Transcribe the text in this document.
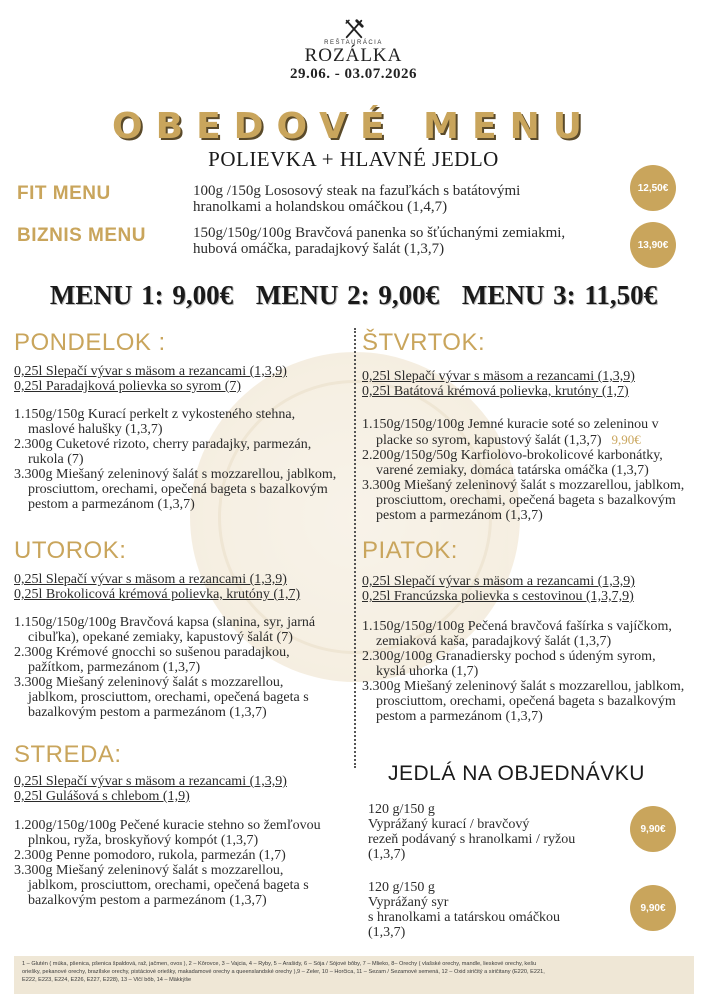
REŠTAURÁCIA
ROZÁLKA
29.06. - 03.07.2026
OBEDOVÉ MENU
POLIEVKA + HLAVNÉ JEDLO
FIT MENU	100g /150g Lososový steak na fazuľkách s batátovými
hranolkami a holandskou omáčkou (1,4,7)
12,50€
BIZNIS MENU	150g/150g/100g Bravčová panenka so šťúchanými zemiakmi,
hubová omáčka, paradajkový šalát (1,3,7)	13,90€
MENU 1: 9,00€ MENU 2: 9,00€ MENU 3: 11,50€
PONDELOK :
0,25l Slepačí vývar s mäsom a rezancami (1,3,9)
0,25l Paradajková polievka so syrom (7)
1.150g/150g Kurací perkelt z vykosteného stehna,
maslové halušky (1,3,7)
2.300g Cuketové rizoto, cherry paradajky, parmezán,
rukola (7)
3.300g Miešaný zeleninový šalát s mozzarellou, jablkom,
prosciuttom, orechami, opečená bageta s bazalkovým
pestom a parmezánom (1,3,7)
UTOROK:
0,25l Slepačí vývar s mäsom a rezancami (1,3,9)
0,25l Brokolicová krémová polievka, krutóny (1,7)
1.150g/150g/100g Bravčová kapsa (slanina, syr, jarná
cibuľka), opekané zemiaky, kapustový šalát (7)
2.300g Krémové gnocchi so sušenou paradajkou,
pažítkom, parmezánom (1,3,7)
3.300g Miešaný zeleninový šalát s mozzarellou,
jablkom, prosciuttom, orechami, opečená bageta s
bazalkovým pestom a parmezánom (1,3,7)
STREDA:
0,25l Slepačí vývar s mäsom a rezancami (1,3,9)
0,25l Gulášová s chlebom (1,9)
1.200g/150g/100g Pečené kuracie stehno so žemľovou
plnkou, ryža, broskyňový kompót (1,3,7)
2.300g Penne pomodoro, rukola, parmezán (1,7)
3.300g Miešaný zeleninový šalát s mozzarellou,
jablkom, prosciuttom, orechami, opečená bageta s
bazalkovým pestom a parmezánom (1,3,7)
ŠTVRTOK:
0,25l Slepačí vývar s mäsom a rezancami (1,3,9)
0,25l Batátová krémová polievka, krutóny (1,7)
1.150g/150g/100g Jemné kuracie soté so zeleninou v
placke so syrom, kapustový šalát (1,3,7) 9,90€
2.200g/150g/50g Karfiolovo-brokolicové karbonátky,
varené zemiaky, domáca tatárska omáčka (1,3,7)
3.300g Miešaný zeleninový šalát s mozzarellou, jablkom,
prosciuttom, orechami, opečená bageta s bazalkovým
pestom a parmezánom (1,3,7)
PIATOK:
0,25l Slepačí vývar s mäsom a rezancami (1,3,9)
0,25l Francúzska polievka s cestovinou (1,3,7,9)
1.150g/150g/100g Pečená bravčová fašírka s vajíčkom,
zemiaková kaša, paradajkový šalát (1,3,7)
2.300g/100g Granadiersky pochod s údeným syrom,
kyslá uhorka (1,7)
3.300g Miešaný zeleninový šalát s mozzarellou, jablkom,
prosciuttom, orechami, opečená bageta s bazalkovým
pestom a parmezánom (1,3,7)
JEDLÁ NA OBJEDNÁVKU
120 g/150 g
Vyprážaný kurací / bravčový
rezeň podávaný s hranolkami / ryžou
(1,3,7)
9,90€
120 g/150 g
Vyprážaný syr
s hranolkami a tatárskou omáčkou
(1,3,7)
9,90€
1 – Glutén ( múka, pšenica, pšenica špaldová, raž, jačmen, ovos ), 2 – Kôrovce, 3 – Vajcia, 4 – Ryby, 5 – Arašidy, 6 – Sója / Sójové bôby, 7 – Mlieko, 8– Orechy ( vlašské orechy, mandle, lieskové orechy, kešu
oriešky, pekanové orechy, brazílske orechy, pistáciové oriešky, makadamové orechy a queenslandské orechy ),9 – Zeler, 10 – Horčica, 11 – Sezam / Sezamové semená, 12 – Oxid siričitý a siričitany (E220, E221,
E222, E223, E224, E226, E227, E228), 13 – Vlčí bôb, 14 – Mäkkýše
